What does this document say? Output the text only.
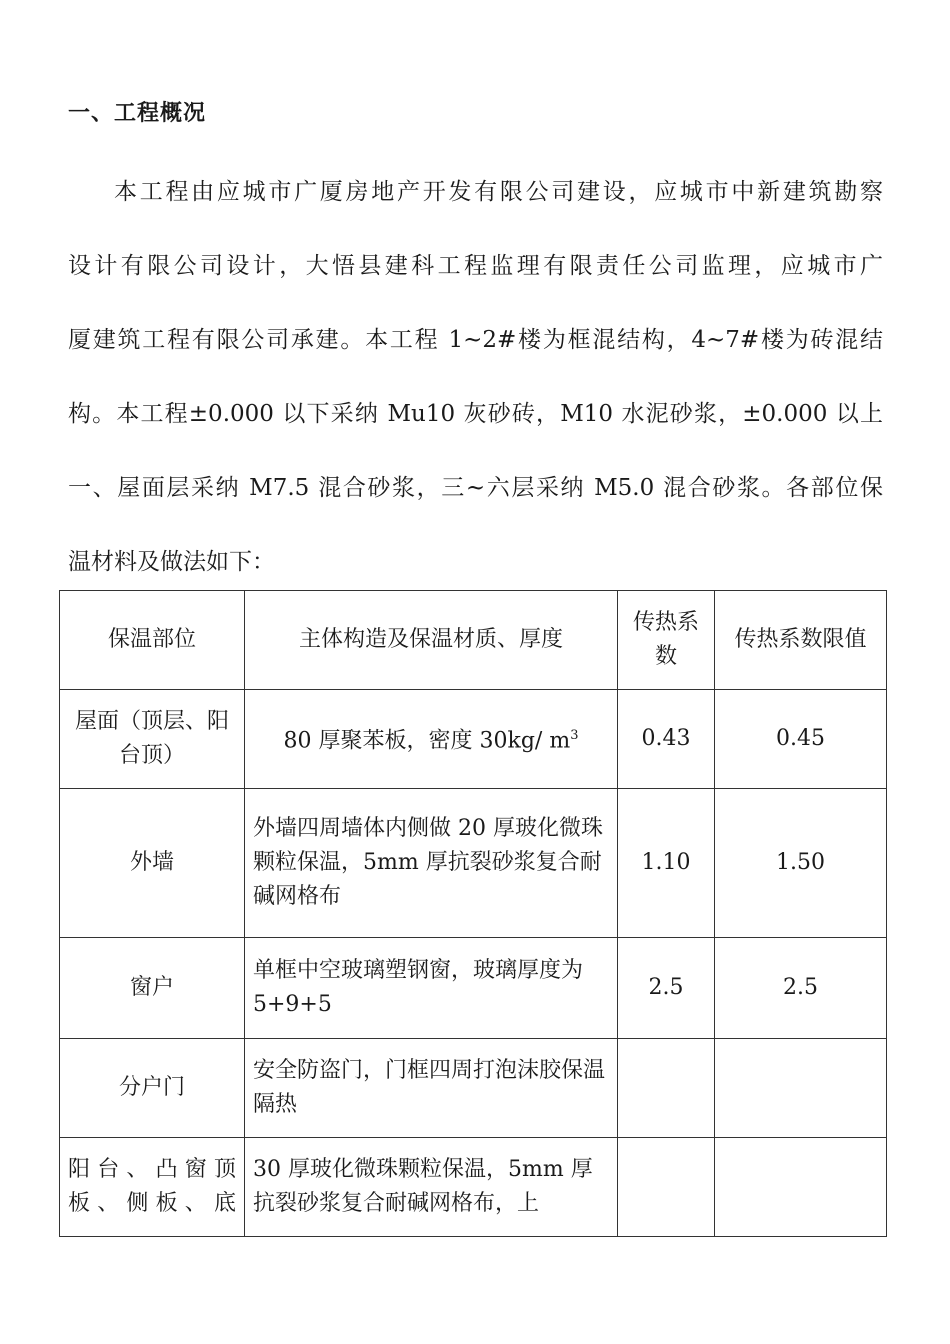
一、工程概况
本工程由应城市广厦房地产开发有限公司建设，应城市中新建筑勘察
设计有限公司设计，大悟县建科工程监理有限责任公司监理，应城市广
厦建筑工程有限公司承建。本工程 1~2#楼为框混结构，4~7#楼为砖混结
构。本工程±0.000 以下采纳 Mu10 灰砂砖，M10 水泥砂浆，±0.000 以上
一、屋面层采纳 M7.5 混合砂浆，三~六层采纳 M5.0 混合砂浆。各部位保
温材料及做法如下：
保温部位	主体构造及保温材质、厚度	传热系数	传热系数限值
屋面（顶层、阳台顶）	80 厚聚苯板，密度 30kg/ $m^3$	0.43	0.45
外墙	外墙四周墙体内侧做 20 厚玻化微珠颗粒保温，5mm 厚抗裂砂浆复合耐碱网格布	1.10	1.50
窗户	单框中空玻璃塑钢窗，玻璃厚度为 5+9+5	2.5	2.5
分户门	安全防盗门，门框四周打泡沫胶保温隔热		
阳台、凸窗顶板、侧板、底	30 厚玻化微珠颗粒保温，5mm 厚抗裂砂浆复合耐碱网格布，上		
